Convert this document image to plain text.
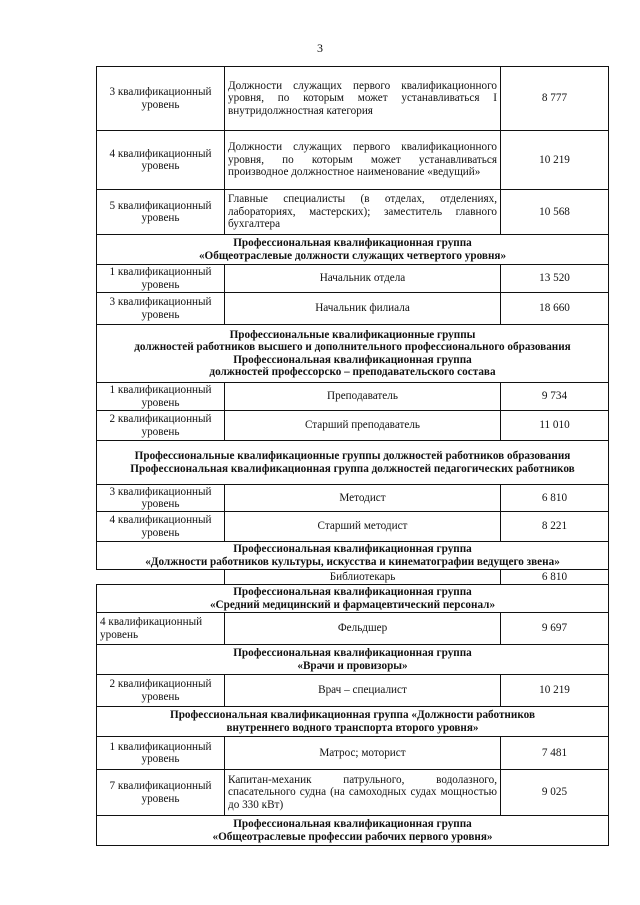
3
3 квалификационный уровень	Должности служащих первого квалификационного уровня, по которым может устанавливаться I внутридолжностная категория	8 777
4 квалификационный уровень	Должности служащих первого квалификационного уровня, по которым может устанавливаться производное должностное наименование «ведущий»	10 219
5 квалификационный уровень	Главные специалисты (в отделах, отделениях, лабораториях, мастерских); заместитель главного бухгалтера	10 568

Профессиональная квалификационная группа
«Общеотраслевые должности служащих четвертого уровня»		

1 квалификационный уровень	Начальник отдела	13 520
3 квалификационный уровень	Начальник филиала	18 660

Профессиональные квалификационные группы
должностей работников высшего и дополнительного профессионального образования
Профессиональная квалификационная группа
должностей профессорско – преподавательского состава		

1 квалификационный уровень	Преподаватель	9 734
2 квалификационный уровень	Старший преподаватель	11 010

Профессиональные квалификационные группы должностей работников образования
Профессиональная квалификационная группа должностей педагогических работников		

3 квалификационный уровень	Методист	6 810
4 квалификационный уровень	Старший методист	8 221

Профессиональная квалификационная группа
«Должности работников культуры, искусства и кинематографии ведущего звена»		

	Библиотекарь	6 810

Профессиональная квалификационная группа
«Средний медицинский и фармацевтический персонал»		

4 квалификационный уровень	Фельдшер	9 697

Профессиональная квалификационная группа
«Врачи и провизоры»		

2 квалификационный уровень	Врач – специалист	10 219

Профессиональная квалификационная группа «Должности работников
внутреннего водного транспорта второго уровня»		

1 квалификационный уровень	Матрос; моторист	7 481
7 квалификационный уровень	Капитан-механик патрульного, водолазного, спасательного судна (на самоходных судах мощностью до 330 кВт)	9 025

Профессиональная квалификационная группа
«Общеотраслевые профессии рабочих первого уровня»		
